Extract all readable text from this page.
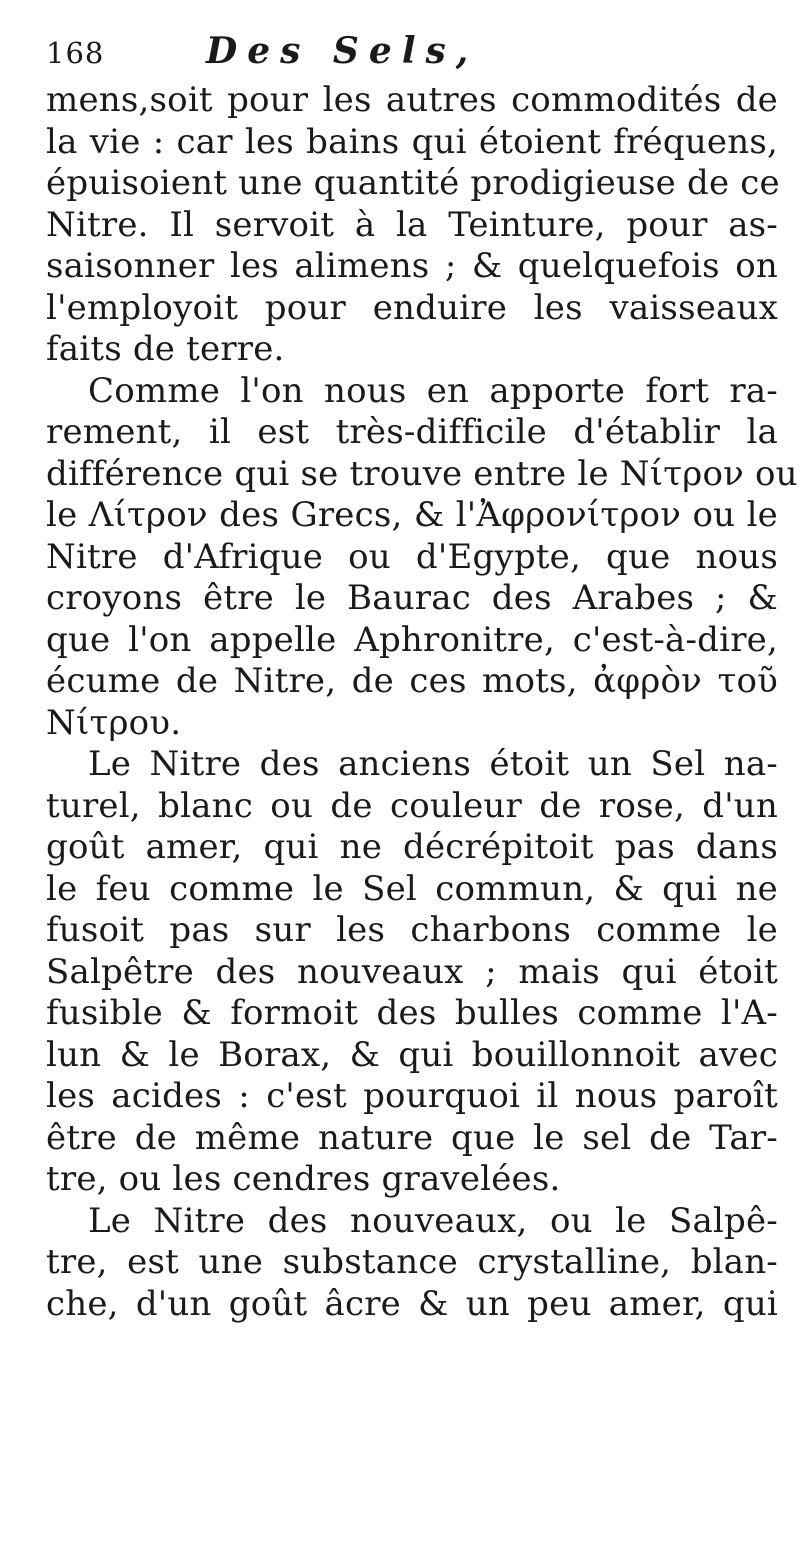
168	Des Sels,
mens,soit pour les autres commodités de
la vie : car les bains qui étoient fréquens,
épuisoient une quantité prodigieuse de ce
Nitre. Il servoit à la Teinture, pour as-
saisonner les alimens ; & quelquefois on
l'employoit pour enduire les vaisseaux
faits de terre.
Comme l'on nous en apporte fort ra-
rement, il est très-difficile d'établir la
différence qui se trouve entre le Νίτρον ou
le Λίτρον des Grecs, & l'Ἀφρονίτρον ou le
Nitre d'Afrique ou d'Egypte, que nous
croyons être le Baurac des Arabes ; &
que l'on appelle Aphronitre, c'est-à-dire,
écume de Nitre, de ces mots, ἀφρὸν τοῦ
Νίτρου.
Le Nitre des anciens étoit un Sel na-
turel, blanc ou de couleur de rose, d'un
goût amer, qui ne décrépitoit pas dans
le feu comme le Sel commun, & qui ne
fusoit pas sur les charbons comme le
Salpêtre des nouveaux ; mais qui étoit
fusible & formoit des bulles comme l'A-
lun & le Borax, & qui bouillonnoit avec
les acides : c'est pourquoi il nous paroît
être de même nature que le sel de Tar-
tre, ou les cendres gravelées.
Le Nitre des nouveaux, ou le Salpê-
tre, est une substance crystalline, blan-
che, d'un goût âcre & un peu amer, qui
